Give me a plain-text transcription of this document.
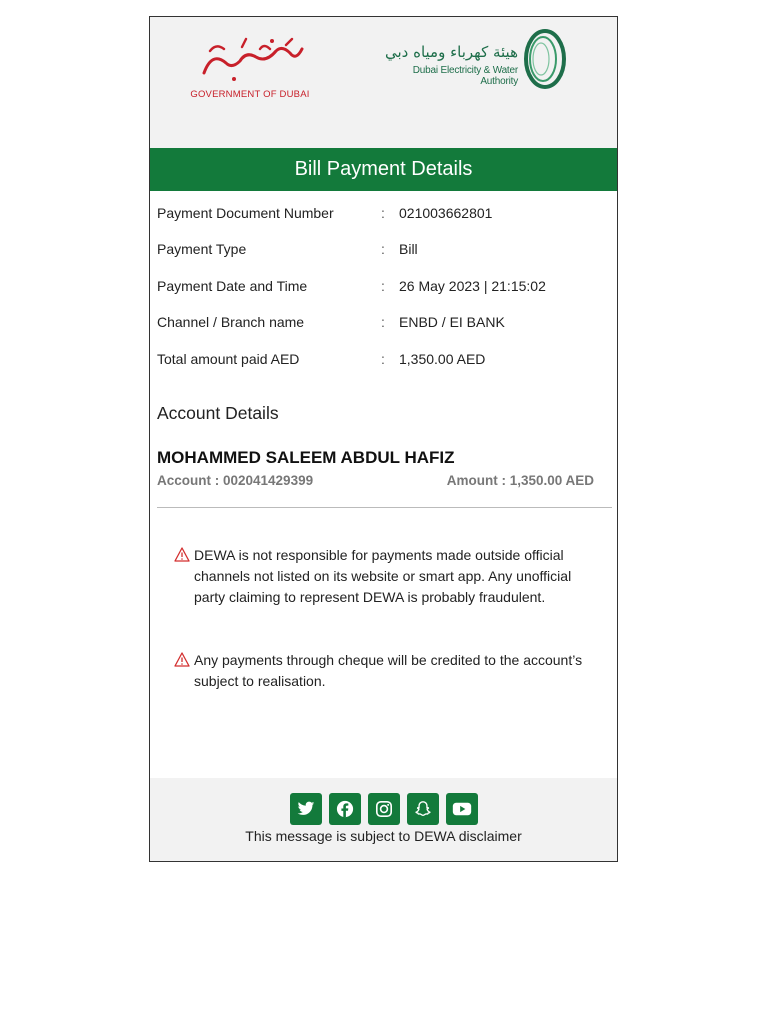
GOVERNMENT OF DUBAI
هيئة كهرباء ومياه دبي
Dubai Electricity & Water Authority
Bill Payment Details
Payment Document Number	: 021003662801
Payment Type	: Bill
Payment Date and Time	: 26 May 2023 | 21:15:02
Channel / Branch name	: ENBD / EI BANK
Total amount paid AED	: 1,350.00 AED
Account Details
MOHAMMED SALEEM ABDUL HAFIZ
Account : 002041429399	Amount : 1,350.00 AED
DEWA is not responsible for payments made outside official channels not listed on its website or smart app. Any unofficial party claiming to represent DEWA is probably fraudulent.
Any payments through cheque will be credited to the account’s subject to realisation.
This message is subject to DEWA disclaimer
